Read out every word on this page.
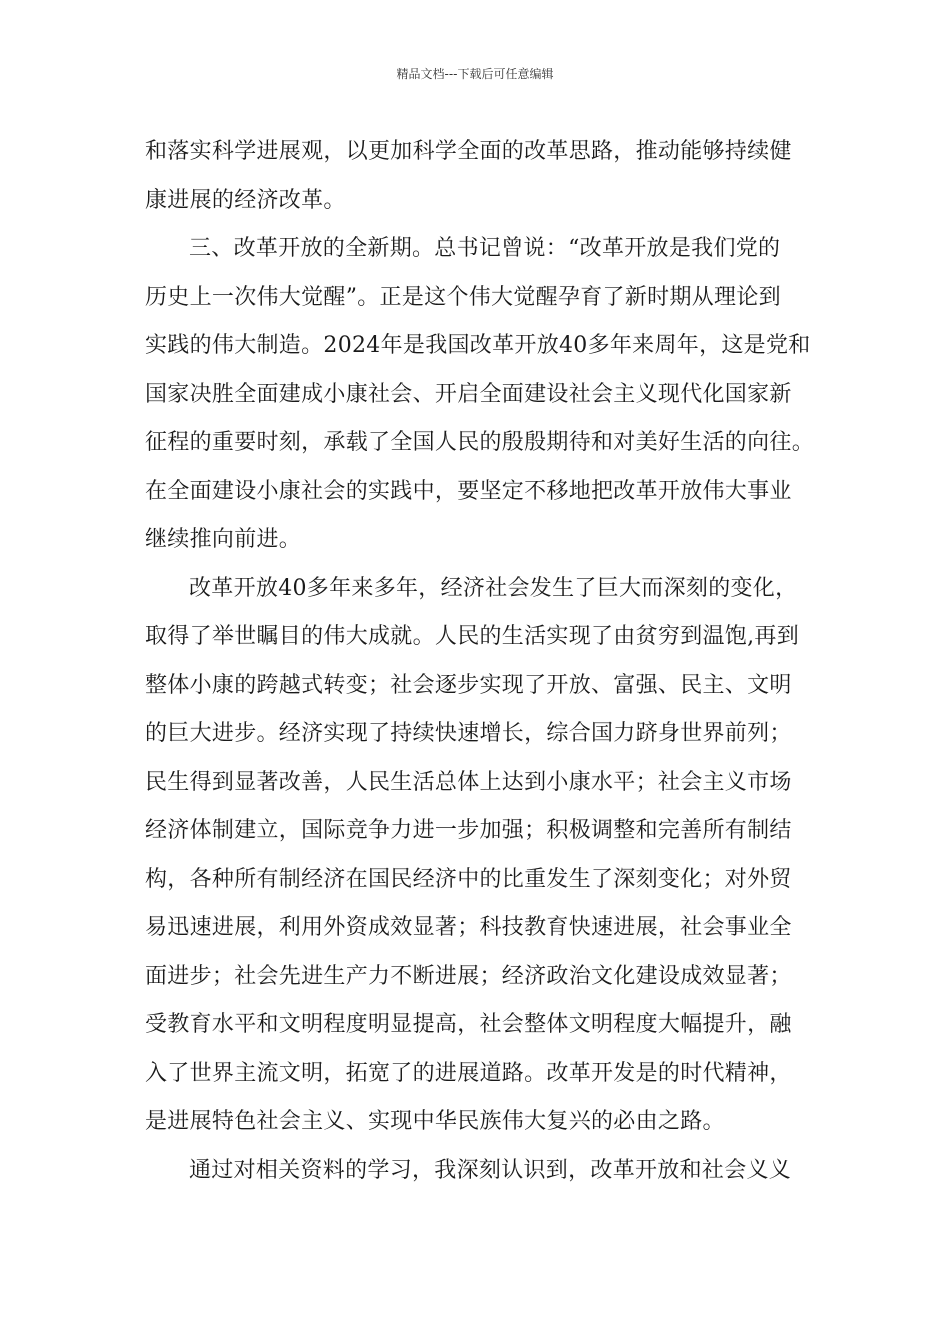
精品文档---下载后可任意编辑
和落实科学进展观，以更加科学全面的改革思路，推动能够持续健
康进展的经济改革。
三、改革开放的全新期。总书记曾说：“改革开放是我们党的
历史上一次伟大觉醒”。正是这个伟大觉醒孕育了新时期从理论到
实践的伟大制造。2024年是我国改革开放40多年来周年，这是党和
国家决胜全面建成小康社会、开启全面建设社会主义现代化国家新
征程的重要时刻，承载了全国人民的殷殷期待和对美好生活的向往。
在全面建设小康社会的实践中，要坚定不移地把改革开放伟大事业
继续推向前进。
改革开放40多年来多年，经济社会发生了巨大而深刻的变化，
取得了举世瞩目的伟大成就。人民的生活实现了由贫穷到温饱,再到
整体小康的跨越式转变；社会逐步实现了开放、富强、民主、文明
的巨大进步。经济实现了持续快速增长，综合国力跻身世界前列；
民生得到显著改善，人民生活总体上达到小康水平；社会主义市场
经济体制建立，国际竞争力进一步加强；积极调整和完善所有制结
构，各种所有制经济在国民经济中的比重发生了深刻变化；对外贸
易迅速进展，利用外资成效显著；科技教育快速进展，社会事业全
面进步；社会先进生产力不断进展；经济政治文化建设成效显著；
受教育水平和文明程度明显提高，社会整体文明程度大幅提升，融
入了世界主流文明，拓宽了的进展道路。改革开发是的时代精神，
是进展特色社会主义、实现中华民族伟大复兴的必由之路。
通过对相关资料的学习，我深刻认识到，改革开放和社会义义
